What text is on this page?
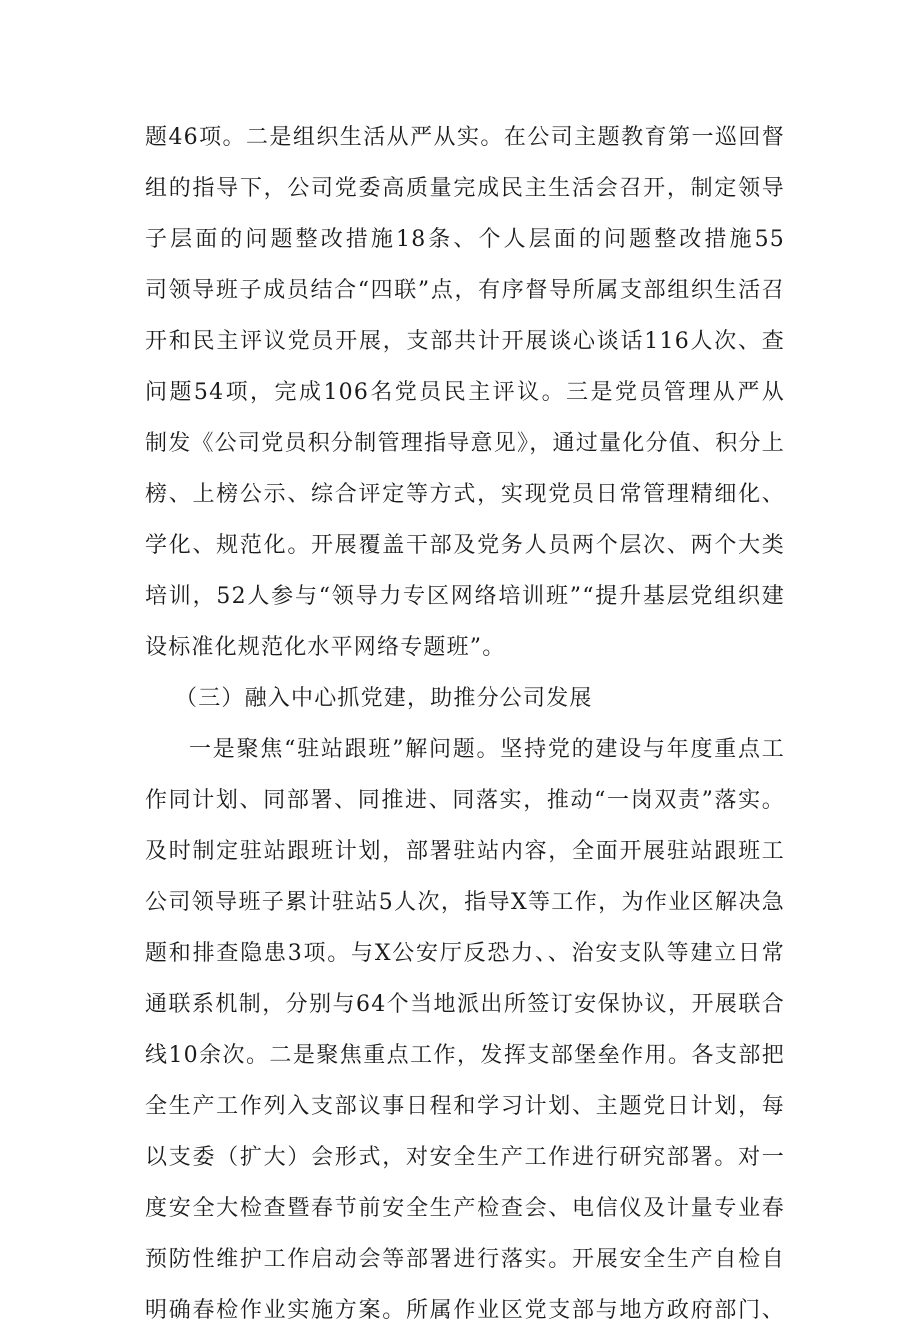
题46项。二是组织生活从严从实。在公司主题教育第一巡回督
组的指导下，公司党委高质量完成民主生活会召开，制定领导
子层面的问题整改措施18条、个人层面的问题整改措施55
司领导班子成员结合“四联”点，有序督导所属支部组织生活召
开和民主评议党员开展，支部共计开展谈心谈话116人次、查
问题54项，完成106名党员民主评议。三是党员管理从严从
制发《公司党员积分制管理指导意见》，通过量化分值、积分上
榜、上榜公示、综合评定等方式，实现党员日常管理精细化、
学化、规范化。开展覆盖干部及党务人员两个层次、两个大类
培训，52人参与“领导力专区网络培训班”“提升基层党组织建
设标准化规范化水平网络专题班”。
（三）融入中心抓党建，助推分公司发展
一是聚焦“驻站跟班”解问题。坚持党的建设与年度重点工
作同计划、同部署、同推进、同落实，推动“一岗双责”落实。
及时制定驻站跟班计划，部署驻站内容，全面开展驻站跟班工
公司领导班子累计驻站5人次，指导X等工作，为作业区解决急
题和排查隐患3项。与X公安厅反恐力、、治安支队等建立日常
通联系机制，分别与64个当地派出所签订安保协议，开展联合
线10余次。二是聚焦重点工作，发挥支部堡垒作用。各支部把
全生产工作列入支部议事日程和学习计划、主题党日计划，每
以支委（扩大）会形式，对安全生产工作进行研究部署。对一
度安全大检查暨春节前安全生产检查会、电信仪及计量专业春
预防性维护工作启动会等部署进行落实。开展安全生产自检自
明确春检作业实施方案。所属作业区党支部与地方政府部门、
